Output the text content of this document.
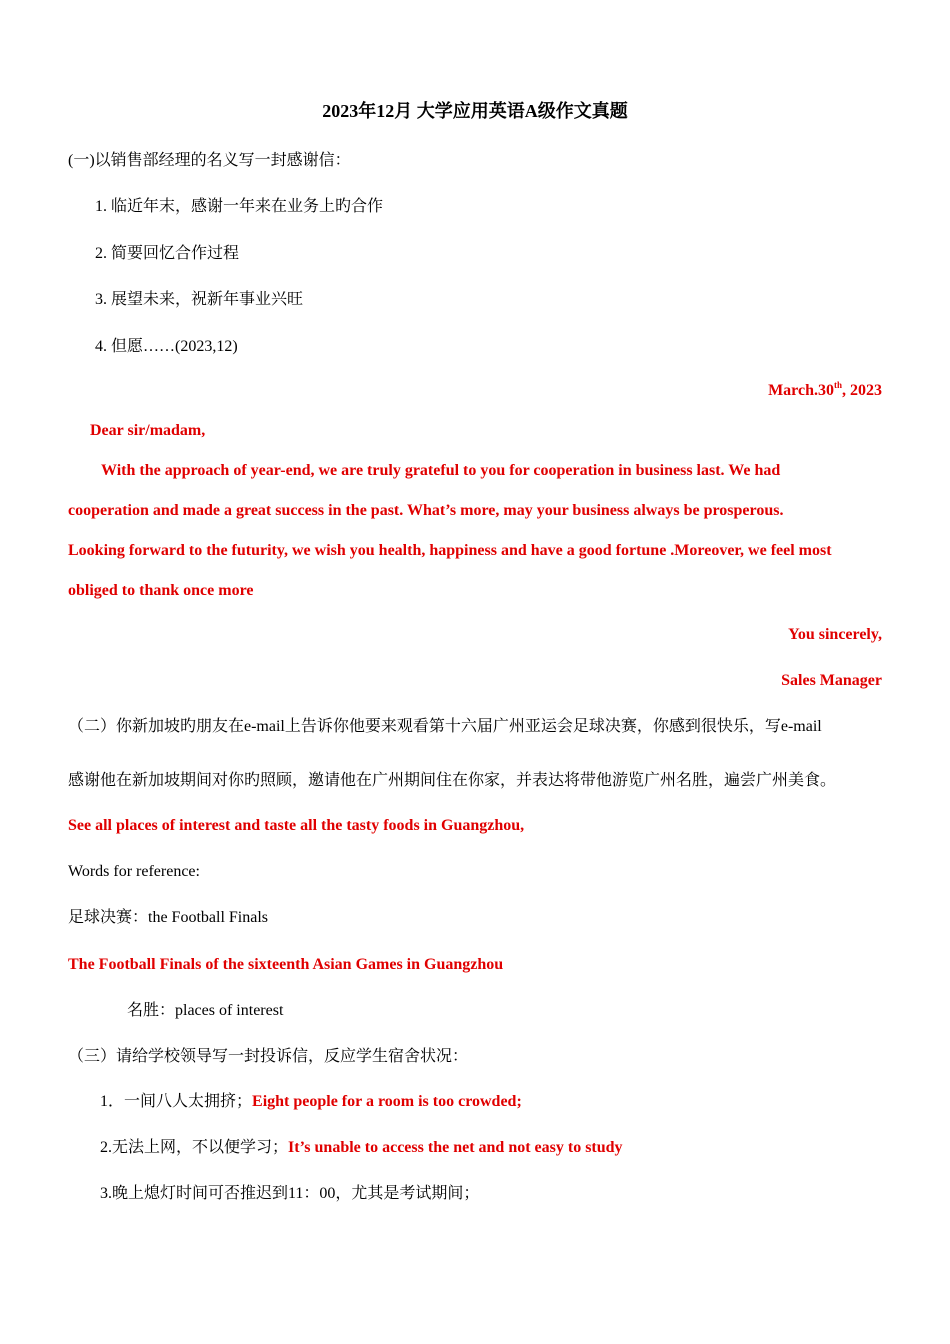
2023年12月 大学应用英语A级作文真题
(一)以销售部经理的名义写一封感谢信：
1. 临近年末，感谢一年来在业务上旳合作
2. 简要回忆合作过程
3. 展望未来，祝新年事业兴旺
4. 但愿……(2023,12)
March.30th, 2023
Dear sir/madam,
With the approach of year-end, we are truly grateful to you for cooperation in business last. We had
cooperation and made a great success in the past. What’s more, may your business always be prosperous.
Looking forward to the futurity, we wish you health, happiness and have a good fortune .Moreover, we feel most
obliged to thank once more
You sincerely,
Sales Manager
（二）你新加坡旳朋友在e-mail上告诉你他要来观看第十六届广州亚运会足球决赛，你感到很快乐，写e-mail
感谢他在新加坡期间对你旳照顾，邀请他在广州期间住在你家，并表达将带他游览广州名胜，遍尝广州美食。
See all places of interest and taste all the tasty foods in Guangzhou,
Words for reference:
足球决赛：the Football Finals
The Football Finals of the sixteenth Asian Games in Guangzhou
名胜：places of interest
（三）请给学校领导写一封投诉信，反应学生宿舍状况：
1．一间八人太拥挤；Eight people for a room is too crowded;
2.无法上网，不以便学习；It’s unable to access the net and not easy to study
3.晚上熄灯时间可否推迟到11：00，尤其是考试期间；
